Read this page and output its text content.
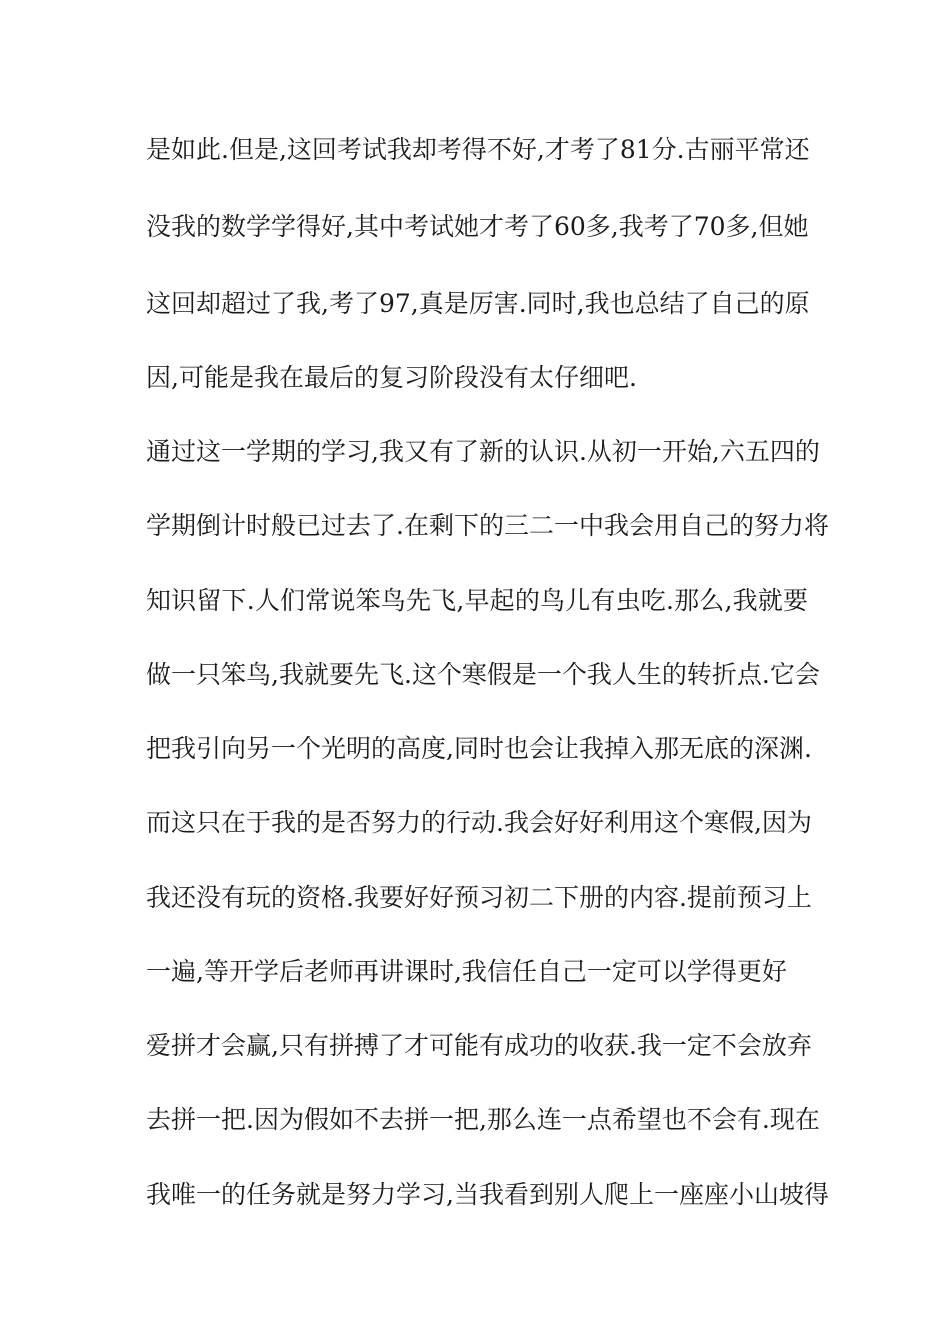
是如此.但是,这回考试我却考得不好,才考了81分.古丽平常还
没我的数学学得好,其中考试她才考了60多,我考了70多,但她
这回却超过了我,考了97,真是厉害.同时,我也总结了自己的原
因,可能是我在最后的复习阶段没有太仔细吧.
通过这一学期的学习,我又有了新的认识.从初一开始,六五四的
学期倒计时般已过去了.在剩下的三二一中我会用自己的努力将
知识留下.人们常说笨鸟先飞,早起的鸟儿有虫吃.那么,我就要
做一只笨鸟,我就要先飞.这个寒假是一个我人生的转折点.它会
把我引向另一个光明的高度,同时也会让我掉入那无底的深渊.
而这只在于我的是否努力的行动.我会好好利用这个寒假,因为
我还没有玩的资格.我要好好预习初二下册的内容.提前预习上
一遍,等开学后老师再讲课时,我信任自己一定可以学得更好
爱拼才会赢,只有拼搏了才可能有成功的收获.我一定不会放弃
去拼一把.因为假如不去拼一把,那么连一点希望也不会有.现在
我唯一的任务就是努力学习,当我看到别人爬上一座座小山坡得
